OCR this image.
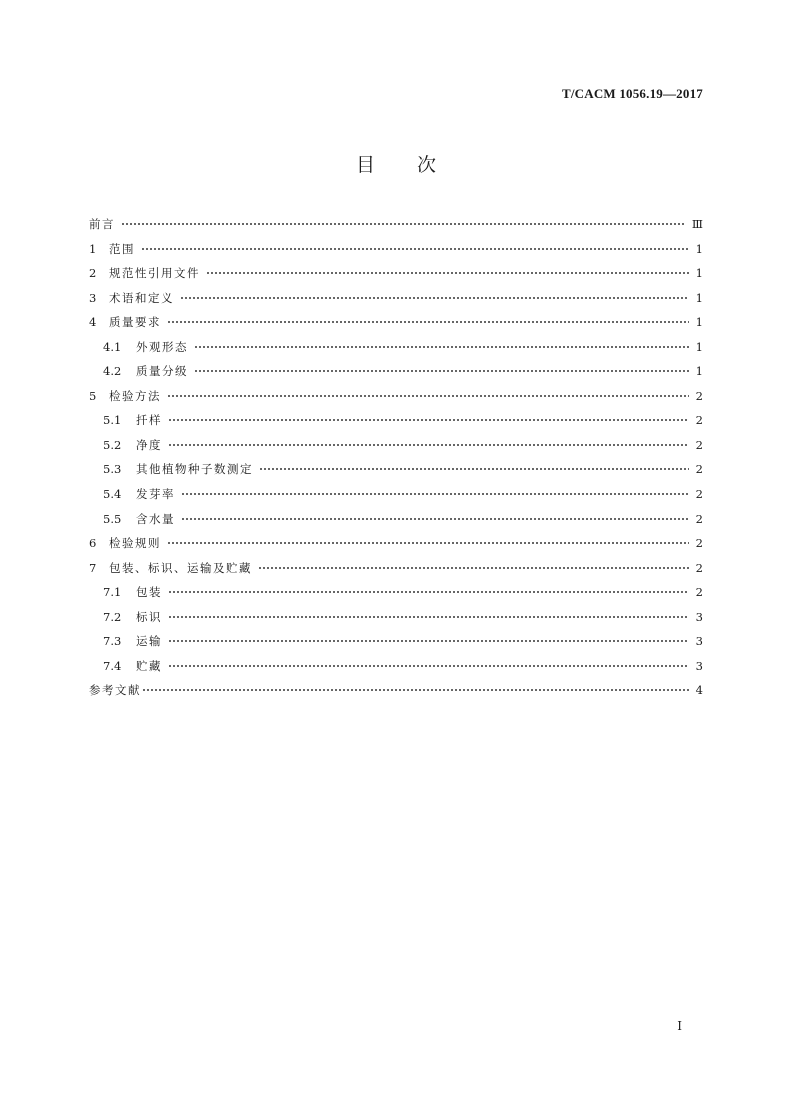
T/CACM 1056.19—2017
目次
前言	Ⅲ
1	范围	1
2	规范性引用文件	1
3	术语和定义	1
4	质量要求	1
4.1	外观形态	1
4.2	质量分级	1
5	检验方法	2
5.1	扦样	2
5.2	净度	2
5.3	其他植物种子数测定	2
5.4	发芽率	2
5.5	含水量	2
6	检验规则	2
7	包装、标识、运输及贮藏	2
7.1	包装	2
7.2	标识	3
7.3	运输	3
7.4	贮藏	3
参考文献	4
I
